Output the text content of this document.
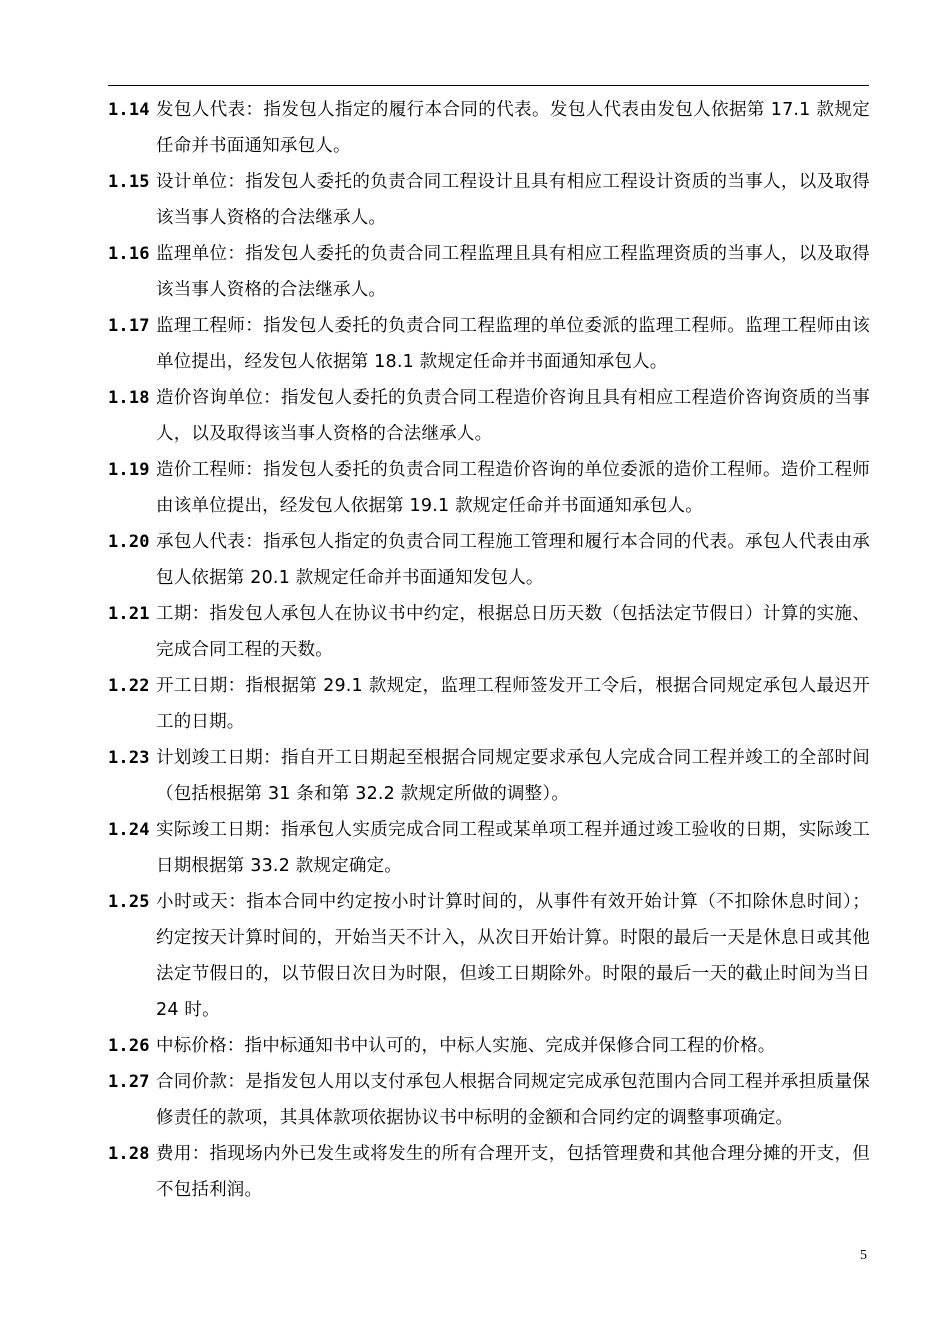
1.14 发包人代表：指发包人指定的履行本合同的代表。发包人代表由发包人依据第 17.1 款规定任命并书面通知承包人。
1.15 设计单位：指发包人委托的负责合同工程设计且具有相应工程设计资质的当事人，以及取得该当事人资格的合法继承人。
1.16 监理单位：指发包人委托的负责合同工程监理且具有相应工程监理资质的当事人，以及取得该当事人资格的合法继承人。
1.17 监理工程师：指发包人委托的负责合同工程监理的单位委派的监理工程师。监理工程师由该单位提出，经发包人依据第 18.1 款规定任命并书面通知承包人。
1.18 造价咨询单位：指发包人委托的负责合同工程造价咨询且具有相应工程造价咨询资质的当事人，以及取得该当事人资格的合法继承人。
1.19 造价工程师：指发包人委托的负责合同工程造价咨询的单位委派的造价工程师。造价工程师由该单位提出，经发包人依据第 19.1 款规定任命并书面通知承包人。
1.20 承包人代表：指承包人指定的负责合同工程施工管理和履行本合同的代表。承包人代表由承包人依据第 20.1 款规定任命并书面通知发包人。
1.21 工期：指发包人承包人在协议书中约定，根据总日历天数（包括法定节假日）计算的实施、完成合同工程的天数。
1.22 开工日期：指根据第 29.1 款规定，监理工程师签发开工令后，根据合同规定承包人最迟开工的日期。
1.23 计划竣工日期：指自开工日期起至根据合同规定要求承包人完成合同工程并竣工的全部时间（包括根据第 31 条和第 32.2 款规定所做的调整）。
1.24 实际竣工日期：指承包人实质完成合同工程或某单项工程并通过竣工验收的日期，实际竣工日期根据第 33.2 款规定确定。
1.25 小时或天：指本合同中约定按小时计算时间的，从事件有效开始计算（不扣除休息时间）；约定按天计算时间的，开始当天不计入，从次日开始计算。时限的最后一天是休息日或其他法定节假日的，以节假日次日为时限，但竣工日期除外。时限的最后一天的截止时间为当日 24 时。
1.26 中标价格：指中标通知书中认可的，中标人实施、完成并保修合同工程的价格。
1.27 合同价款：是指发包人用以支付承包人根据合同规定完成承包范围内合同工程并承担质量保修责任的款项，其具体款项依据协议书中标明的金额和合同约定的调整事项确定。
1.28 费用：指现场内外已发生或将发生的所有合理开支，包括管理费和其他合理分摊的开支，但不包括利润。
5
